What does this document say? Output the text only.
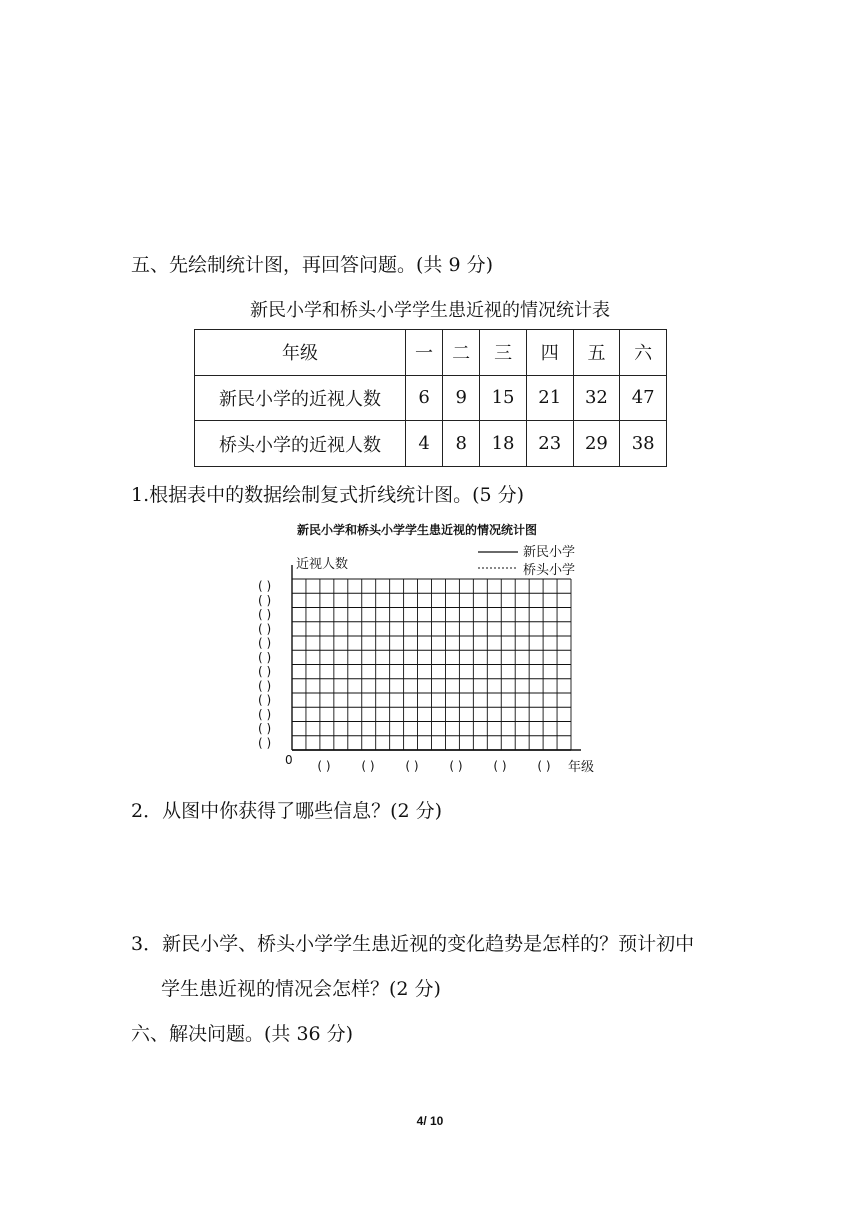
五、先绘制统计图，再回答问题。(共 9 分)
新民小学和桥头小学学生患近视的情况统计表
年级	一	二	三	四	五	六
新民小学的近视人数	6	9	15	21	32	47
桥头小学的近视人数	4	8	18	23	29	38
1.根据表中的数据绘制复式折线统计图。(5 分)
新民小学和桥头小学学生患近视的情况统计图
近视人数
新民小学
桥头小学
( )
( )
( )
( )
( )
( )
( )
( )
( )
( )
( )
( )
( )	( )	( )	( )	( )	( )
0	年级
2．从图中你获得了哪些信息？(2 分)
3．新民小学、桥头小学学生患近视的变化趋势是怎样的？预计初中
学生患近视的情况会怎样？(2 分)
六、解决问题。(共 36 分)
4/ 10
